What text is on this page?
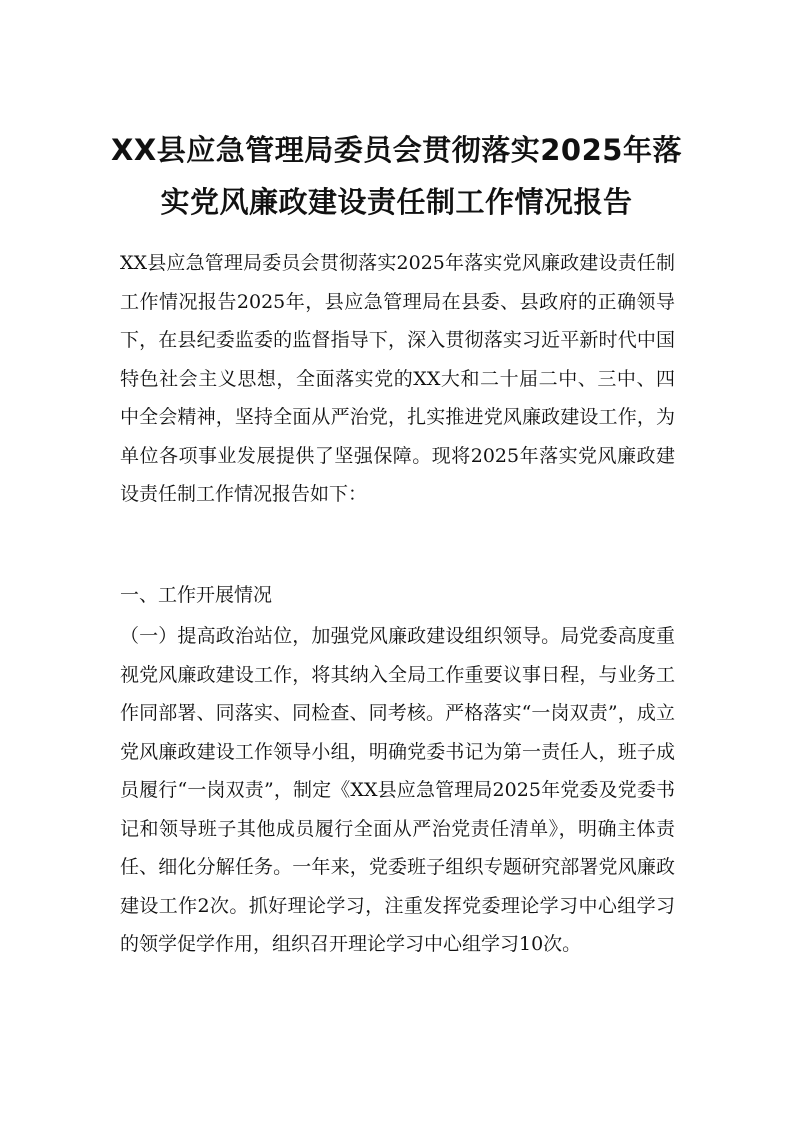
XX县应急管理局委员会贯彻落实2025年落实党风廉政建设责任制工作情况报告

XX县应急管理局委员会贯彻落实2025年落实党风廉政建设责任制工作情况报告2025年，县应急管理局在县委、县政府的正确领导下，在县纪委监委的监督指导下，深入贯彻落实习近平新时代中国特色社会主义思想，全面落实党的XX大和二十届二中、三中、四中全会精神，坚持全面从严治党，扎实推进党风廉政建设工作，为单位各项事业发展提供了坚强保障。现将2025年落实党风廉政建设责任制工作情况报告如下：

一、工作开展情况

（一）提高政治站位，加强党风廉政建设组织领导。局党委高度重视党风廉政建设工作，将其纳入全局工作重要议事日程，与业务工作同部署、同落实、同检查、同考核。严格落实“一岗双责”，成立党风廉政建设工作领导小组，明确党委书记为第一责任人，班子成员履行“一岗双责”，制定《XX县应急管理局2025年党委及党委书记和领导班子其他成员履行全面从严治党责任清单》，明确主体责任、细化分解任务。一年来，党委班子组织专题研究部署党风廉政建设工作2次。抓好理论学习，注重发挥党委理论学习中心组学习的领学促学作用，组织召开理论学习中心组学习10次。
